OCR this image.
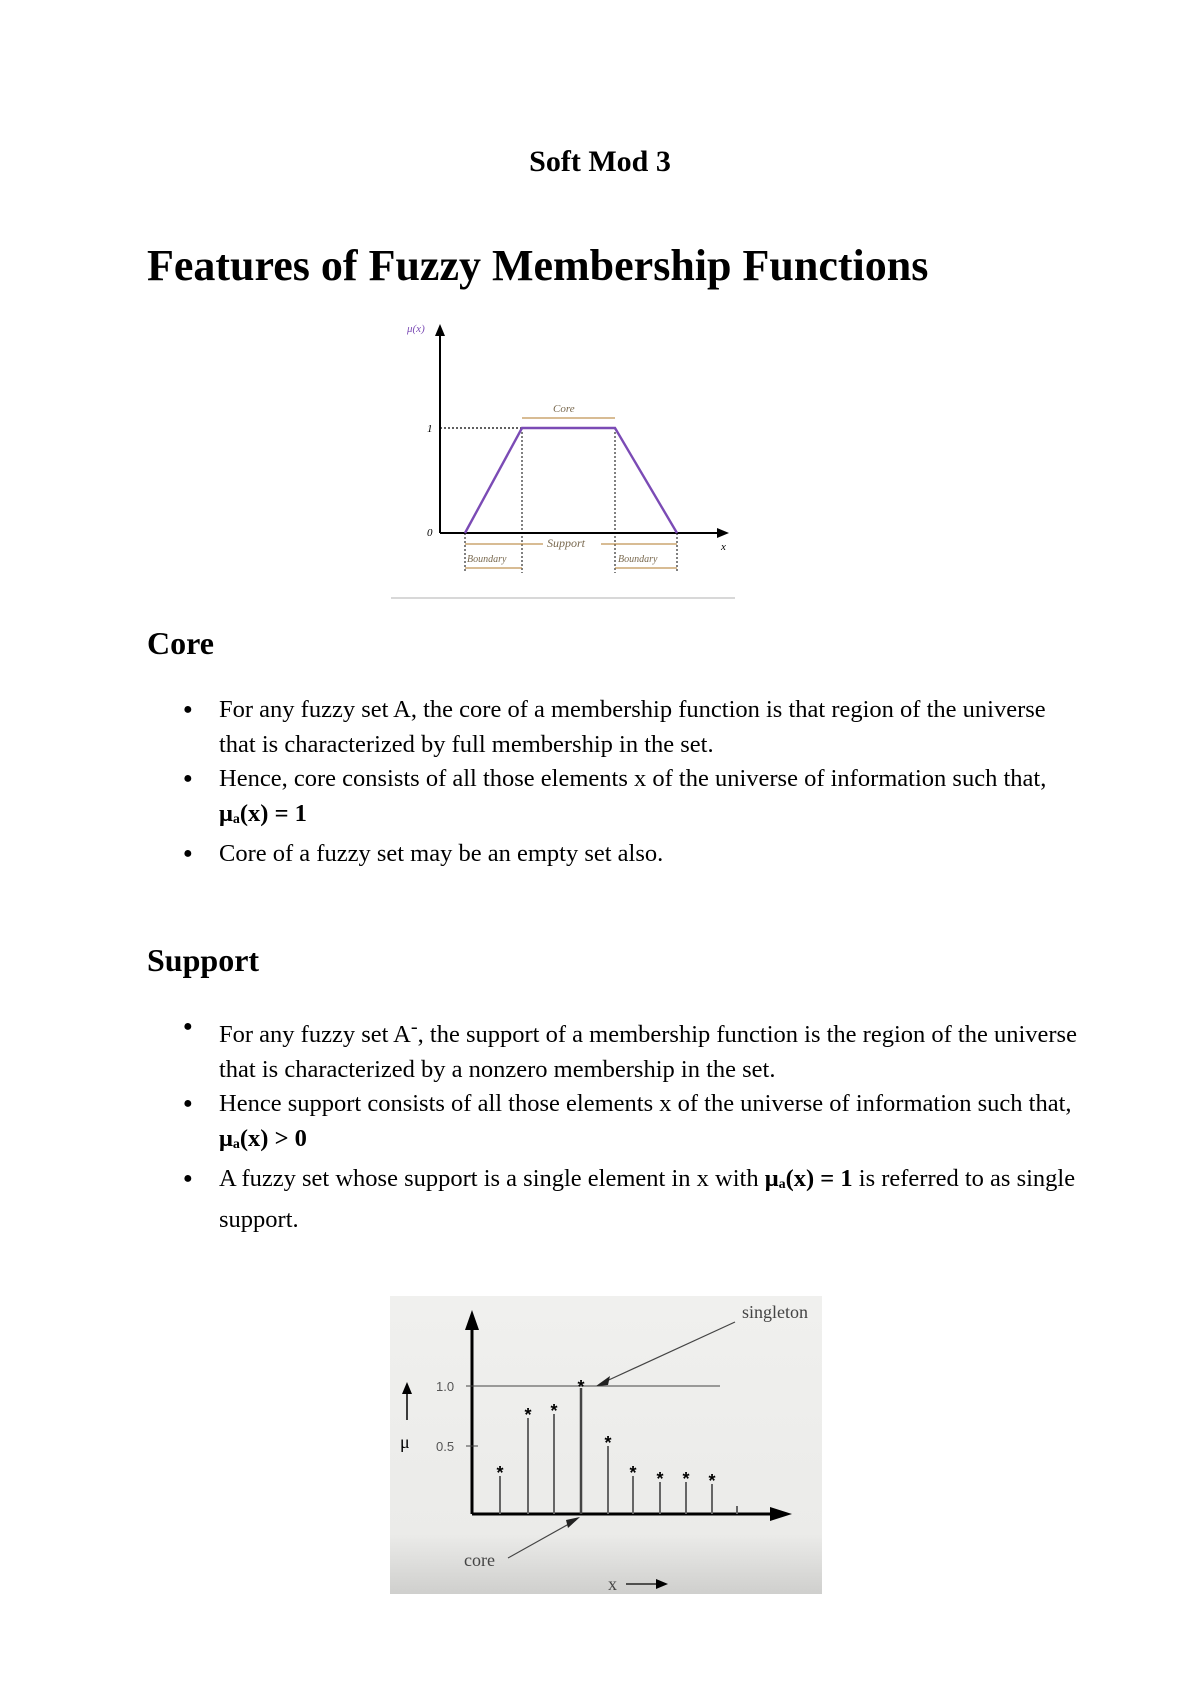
Soft Mod 3
Features of Fuzzy Membership Functions
μ(x)
1
0
x
Core
Support
Boundary	Boundary
Core
● For any fuzzy set A, the core of a membership function is that region of the universe that is characterized by full membership in the set.
● Hence, core consists of all those elements x of the universe of information such that,
$\mu_a(x) = 1$
● Core of a fuzzy set may be an empty set also.
Support
● For any fuzzy set A-, the support of a membership function is the region of the universe that is characterized by a nonzero membership in the set.
● Hence support consists of all those elements x of the universe of information such that,
$\mu_a(x) > 0$
● A fuzzy set whose support is a single element in x with $\mu_a(x) = 1$ is referred to as single support.
1.0
0.5
μ
*
* *
*
*
* * * *
singleton
core
x
